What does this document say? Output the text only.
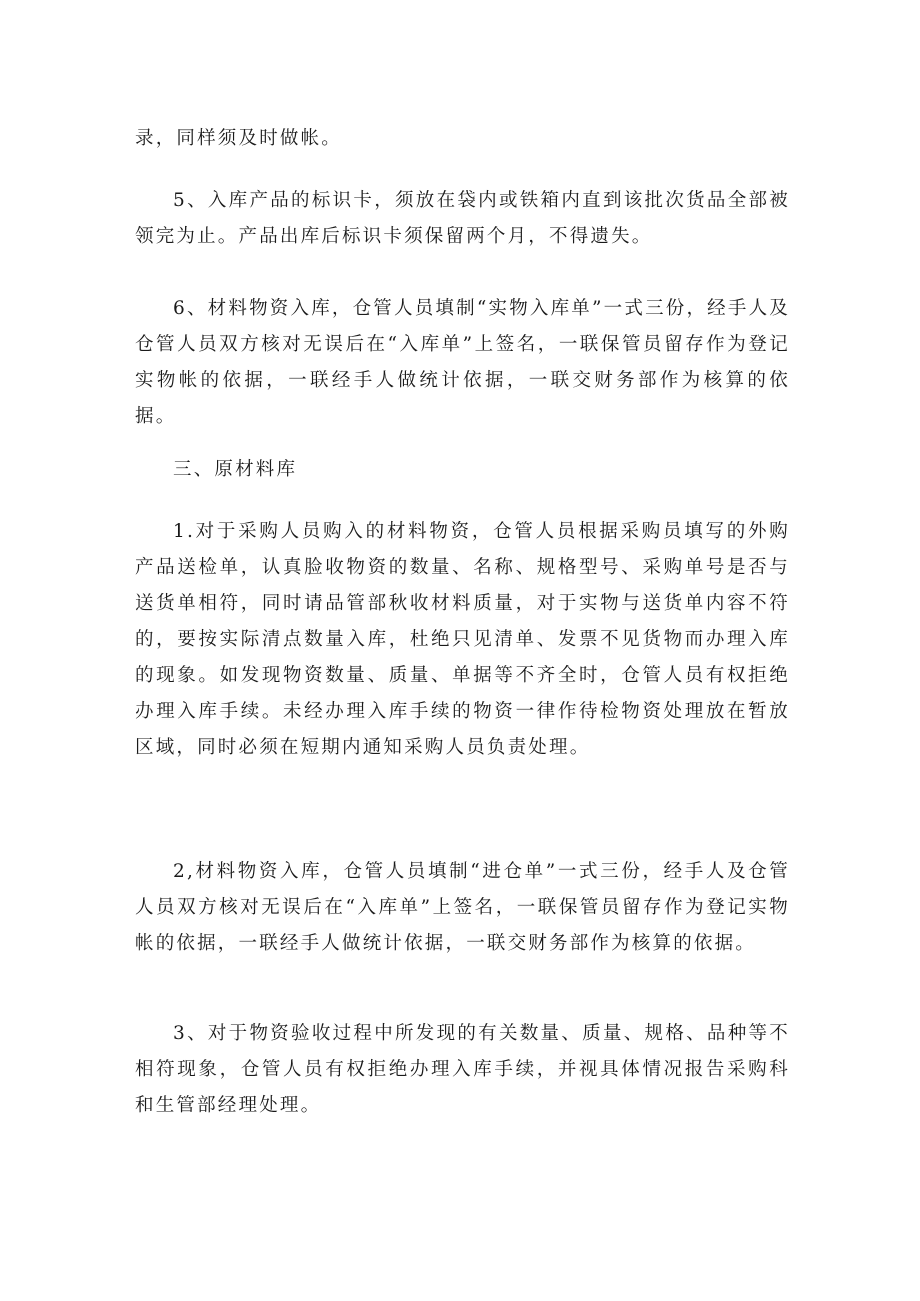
录，同样须及时做帐。

5、入库产品的标识卡，须放在袋内或铁箱内直到该批次货品全部被领完为止。产品出库后标识卡须保留两个月，不得遗失。

6、材料物资入库，仓管人员填制“实物入库单”一式三份，经手人及仓管人员双方核对无误后在“入库单”上签名，一联保管员留存作为登记实物帐的依据，一联经手人做统计依据，一联交财务部作为核算的依据。

三、原材料库

1.对于采购人员购入的材料物资，仓管人员根据采购员填写的外购产品送检单，认真脸收物资的数量、名称、规格型号、采购单号是否与送货单相符，同时请品管部秋收材料质量，对于实物与送货单内容不符的，要按实际清点数量入库，杜绝只见清单、发票不见货物而办理入库的现象。如发现物资数量、质量、单据等不齐全时，仓管人员有权拒绝办理入库手续。未经办理入库手续的物资一律作待检物资处理放在暂放区域，同时必须在短期内通知采购人员负责处理。

2,材料物资入库，仓管人员填制“进仓单”一式三份，经手人及仓管人员双方核对无误后在“入库单”上签名，一联保管员留存作为登记实物帐的依据，一联经手人做统计依据，一联交财务部作为核算的依据。

3、对于物资验收过程中所发现的有关数量、质量、规格、品种等不相符现象，仓管人员有权拒绝办理入库手续，并视具体情况报告采购科和生管部经理处理。
